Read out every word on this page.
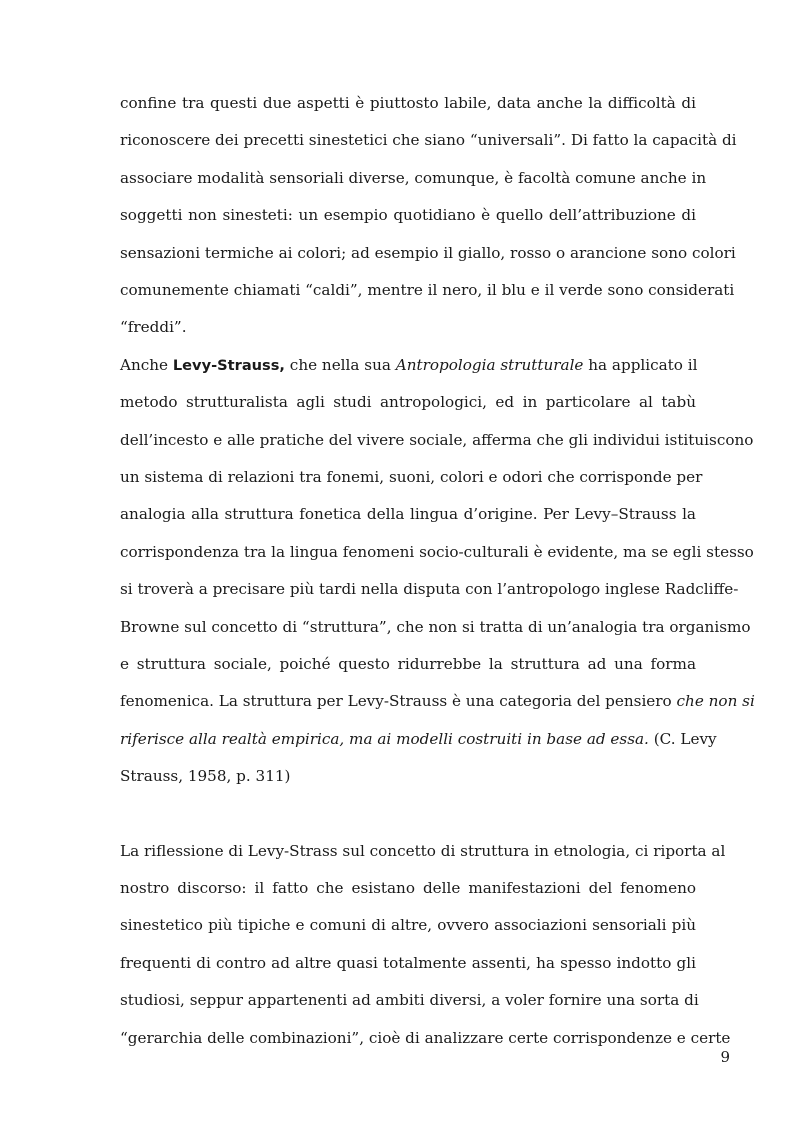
confine tra questi due aspetti è piuttosto labile, data anche la difficoltà di
riconoscere dei precetti sinestetici che siano “universali”. Di fatto la capacità di
associare modalità sensoriali diverse, comunque, è facoltà comune anche in
soggetti non sinesteti: un esempio quotidiano è quello dell’attribuzione di
sensazioni termiche ai colori; ad esempio il giallo, rosso o arancione sono colori
comunemente chiamati “caldi”, mentre il nero, il blu e il verde sono considerati
“freddi”.
Anche Levy-Strauss, che nella sua Antropologia strutturale ha applicato il
metodo strutturalista agli studi antropologici, ed in particolare al tabù
dell’incesto e alle pratiche del vivere sociale, afferma che gli individui istituiscono
un sistema di relazioni tra fonemi, suoni, colori e odori che corrisponde per
analogia alla struttura fonetica della lingua d’origine. Per Levy–Strauss la
corrispondenza tra la lingua fenomeni socio-culturali è evidente, ma se egli stesso
si troverà a precisare più tardi nella disputa con l’antropologo inglese Radcliffe-
Browne sul concetto di “struttura”, che non si tratta di un’analogia tra organismo
e struttura sociale, poiché questo ridurrebbe la struttura ad una forma
fenomenica. La struttura per Levy-Strauss è una categoria del pensiero che non si
riferisce alla realtà empirica, ma ai modelli costruiti in base ad essa. (C. Levy
Strauss, 1958, p. 311)
La riflessione di Levy-Strass sul concetto di struttura in etnologia, ci riporta al
nostro discorso: il fatto che esistano delle manifestazioni del fenomeno
sinestetico più tipiche e comuni di altre, ovvero associazioni sensoriali più
frequenti di contro ad altre quasi totalmente assenti, ha spesso indotto gli
studiosi, seppur appartenenti ad ambiti diversi, a voler fornire una sorta di
“gerarchia delle combinazioni”, cioè di analizzare certe corrispondenze e certe
9
